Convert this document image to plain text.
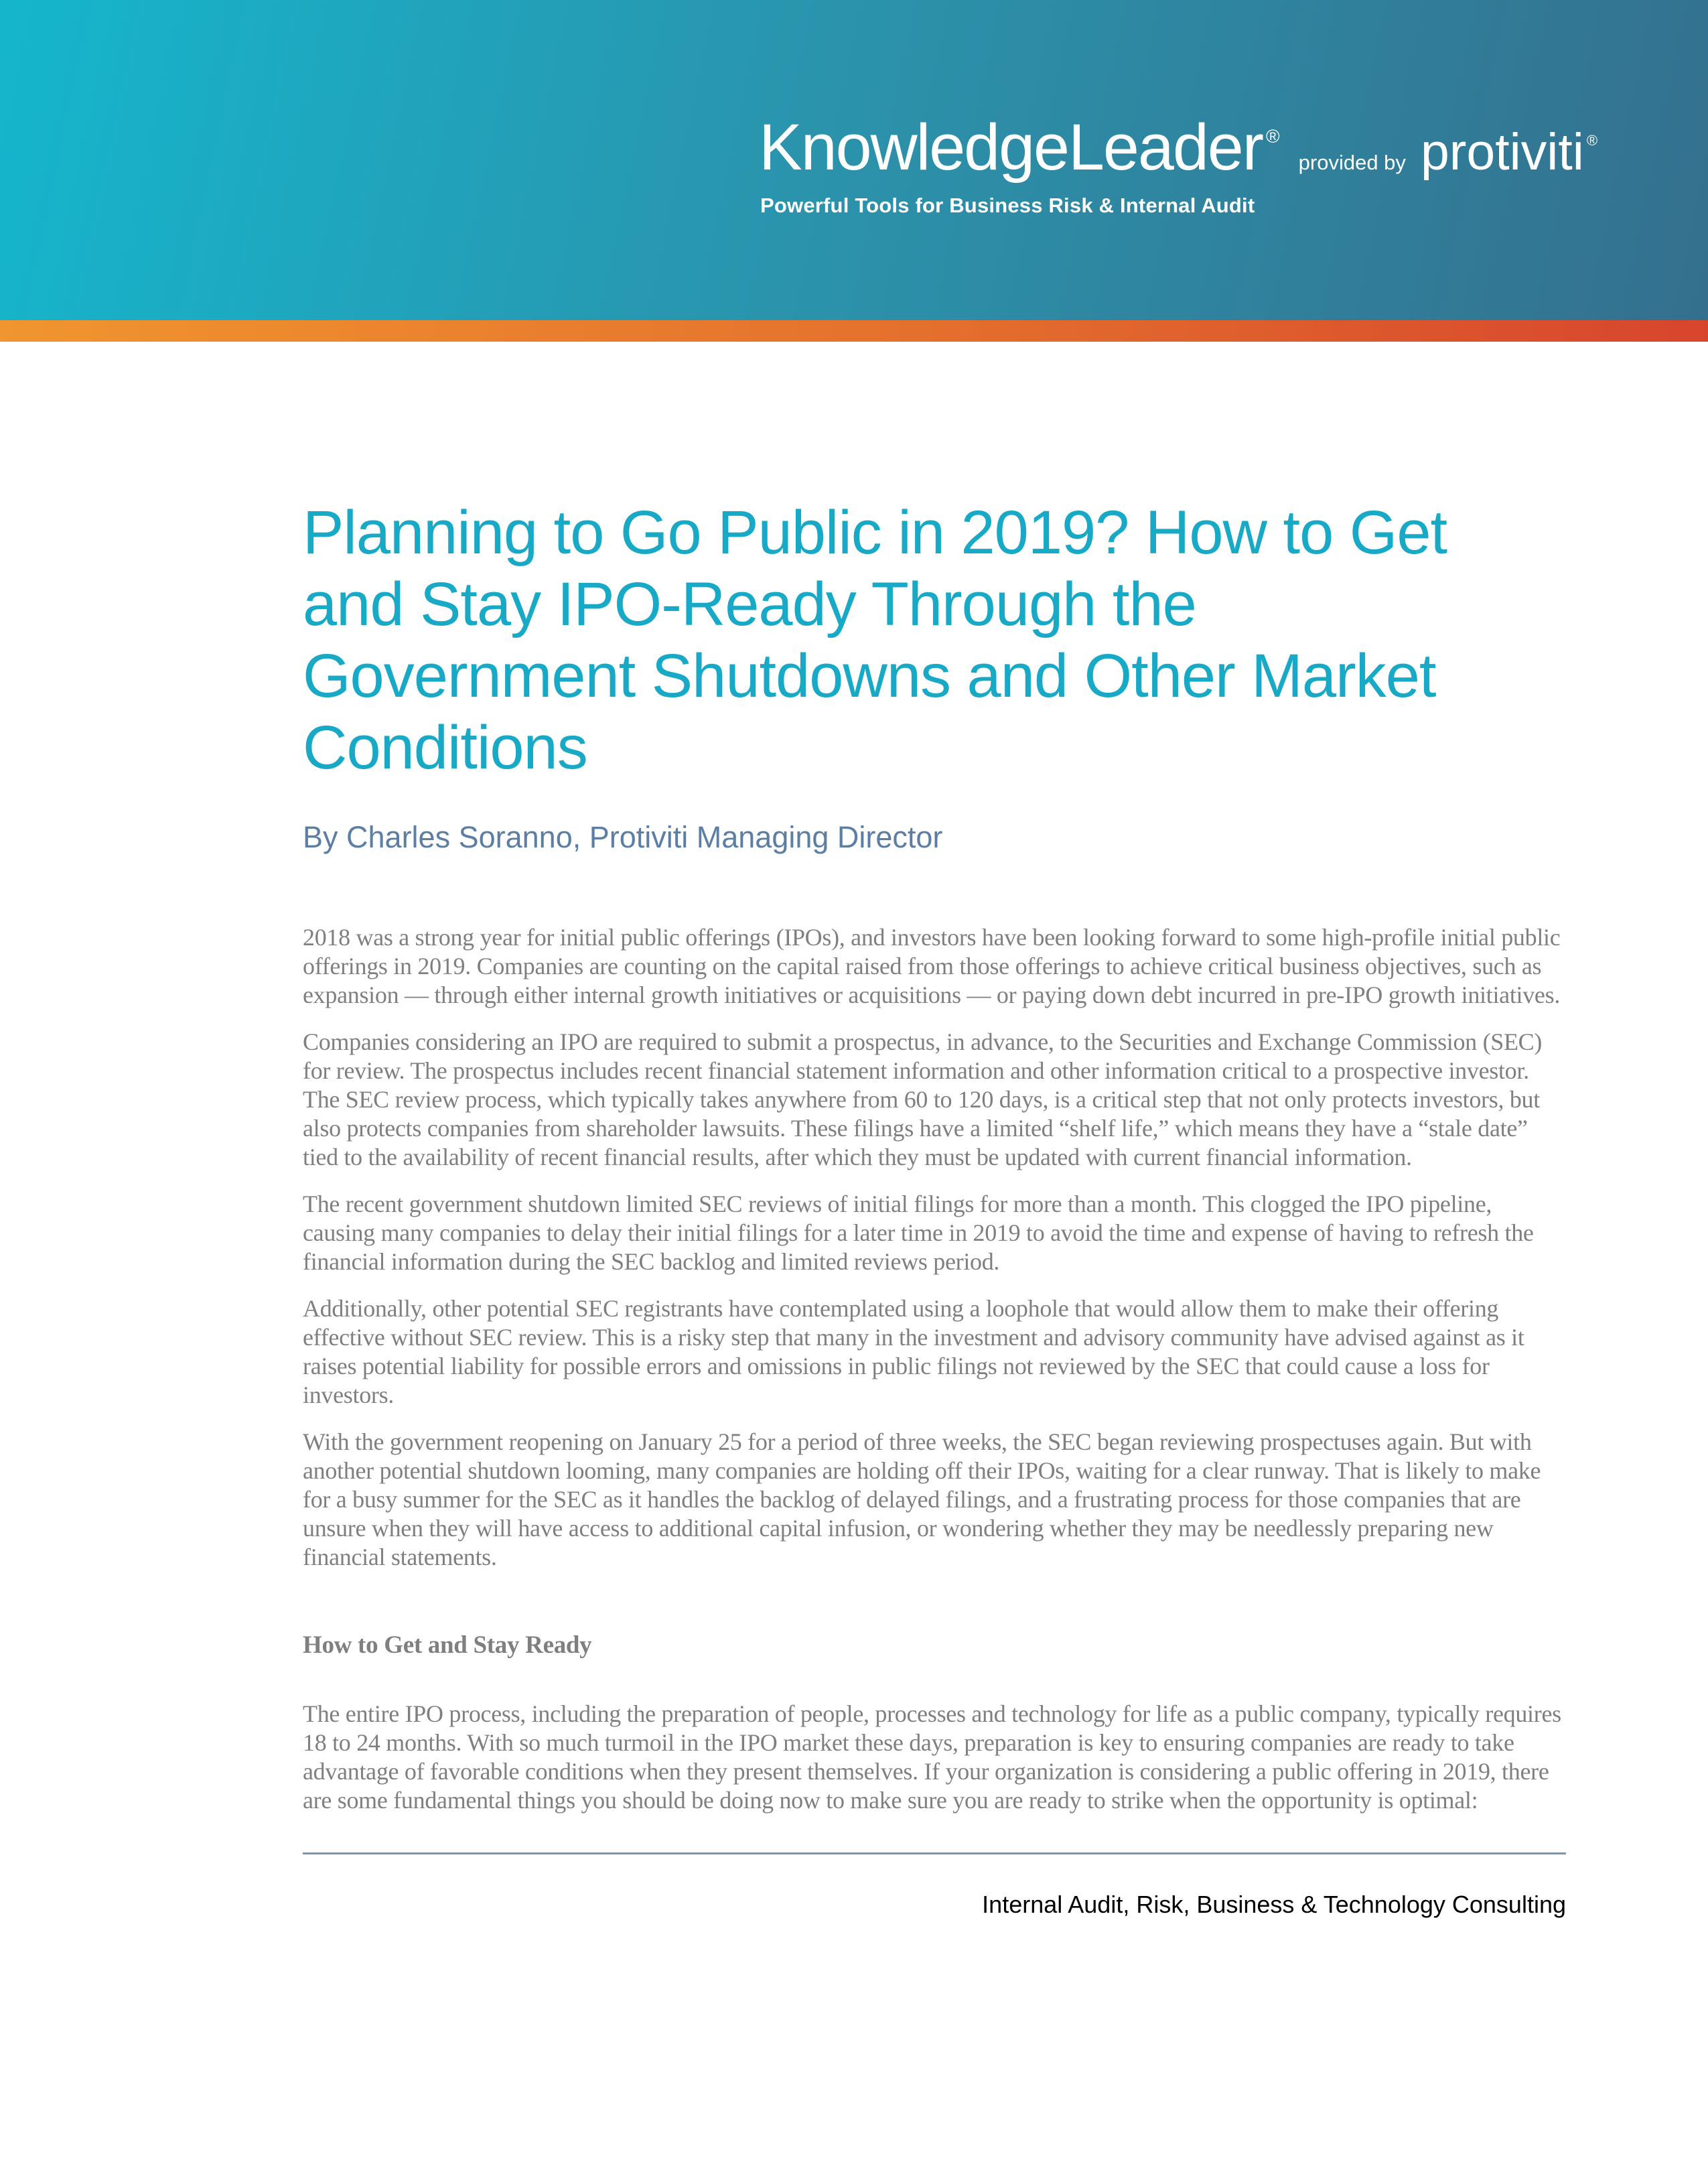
KnowledgeLeader ®
provided by protiviti ®
Powerful Tools for Business Risk & Internal Audit
Planning to Go Public in 2019? How to Get
and Stay IPO-Ready Through the
Government Shutdowns and Other Market
Conditions
By Charles Soranno, Protiviti Managing Director

2018 was a strong year for initial public offerings (IPOs), and investors have been looking forward to some high-profile initial public offerings in 2019. Companies are counting on the capital raised from those offerings to achieve critical business objectives, such as expansion — through either internal growth initiatives or acquisitions — or paying down debt incurred in pre-IPO growth initiatives.

Companies considering an IPO are required to submit a prospectus, in advance, to the Securities and Exchange Commission (SEC) for review. The prospectus includes recent financial statement information and other information critical to a prospective investor. The SEC review process, which typically takes anywhere from 60 to 120 days, is a critical step that not only protects investors, but also protects companies from shareholder lawsuits. These filings have a limited “shelf life,” which means they have a “stale date” tied to the availability of recent financial results, after which they must be updated with current financial information.

The recent government shutdown limited SEC reviews of initial filings for more than a month. This clogged the IPO pipeline, causing many companies to delay their initial filings for a later time in 2019 to avoid the time and expense of having to refresh the financial information during the SEC backlog and limited reviews period.

Additionally, other potential SEC registrants have contemplated using a loophole that would allow them to make their offering effective without SEC review. This is a risky step that many in the investment and advisory community have advised against as it raises potential liability for possible errors and omissions in public filings not reviewed by the SEC that could cause a loss for investors.

With the government reopening on January 25 for a period of three weeks, the SEC began reviewing prospectuses again. But with another potential shutdown looming, many companies are holding off their IPOs, waiting for a clear runway. That is likely to make for a busy summer for the SEC as it handles the backlog of delayed filings, and a frustrating process for those companies that are unsure when they will have access to additional capital infusion, or wondering whether they may be needlessly preparing new financial statements.

How to Get and Stay Ready

The entire IPO process, including the preparation of people, processes and technology for life as a public company, typically requires 18 to 24 months. With so much turmoil in the IPO market these days, preparation is key to ensuring companies are ready to take advantage of favorable conditions when they present themselves. If your organization is considering a public offering in 2019, there are some fundamental things you should be doing now to make sure you are ready to strike when the opportunity is optimal:

Internal Audit, Risk, Business & Technology Consulting
